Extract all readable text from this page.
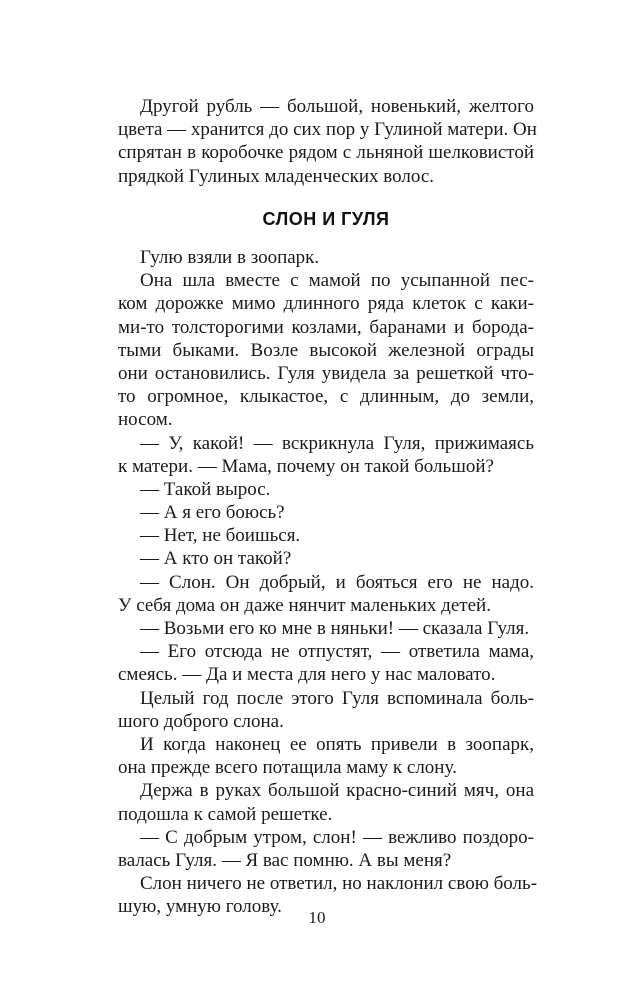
Другой рубль — большой, новенький, желтого
цвета — хранится до сих пор у Гулиной матери. Он
спрятан в коробочке рядом с льняной шелковистой
прядкой Гулиных младенческих волос.
СЛОН И ГУЛЯ
Гулю взяли в зоопарк.
Она шла вместе с мамой по усыпанной пес-
ком дорожке мимо длинного ряда клеток с каки-
ми-то толсторогими козлами, баранами и борода-
тыми быками. Возле высокой железной ограды
они остановились. Гуля увидела за решеткой что-
то огромное, клыкастое, с длинным, до земли,
носом.
— У, какой! — вскрикнула Гуля, прижимаясь
к матери. — Мама, почему он такой большой?
— Такой вырос.
— А я его боюсь?
— Нет, не боишься.
— А кто он такой?
— Слон. Он добрый, и бояться его не надо.
У себя дома он даже нянчит маленьких детей.
— Возьми его ко мне в няньки! — сказала Гуля.
— Его отсюда не отпустят, — ответила мама,
смеясь. — Да и места для него у нас маловато.
Целый год после этого Гуля вспоминала боль-
шого доброго слона.
И когда наконец ее опять привели в зоопарк,
она прежде всего потащила маму к слону.
Держа в руках большой красно-синий мяч, она
подошла к самой решетке.
— С добрым утром, слон! — вежливо поздоро-
валась Гуля. — Я вас помню. А вы меня?
Слон ничего не ответил, но наклонил свою боль-
шую, умную голову.
10
